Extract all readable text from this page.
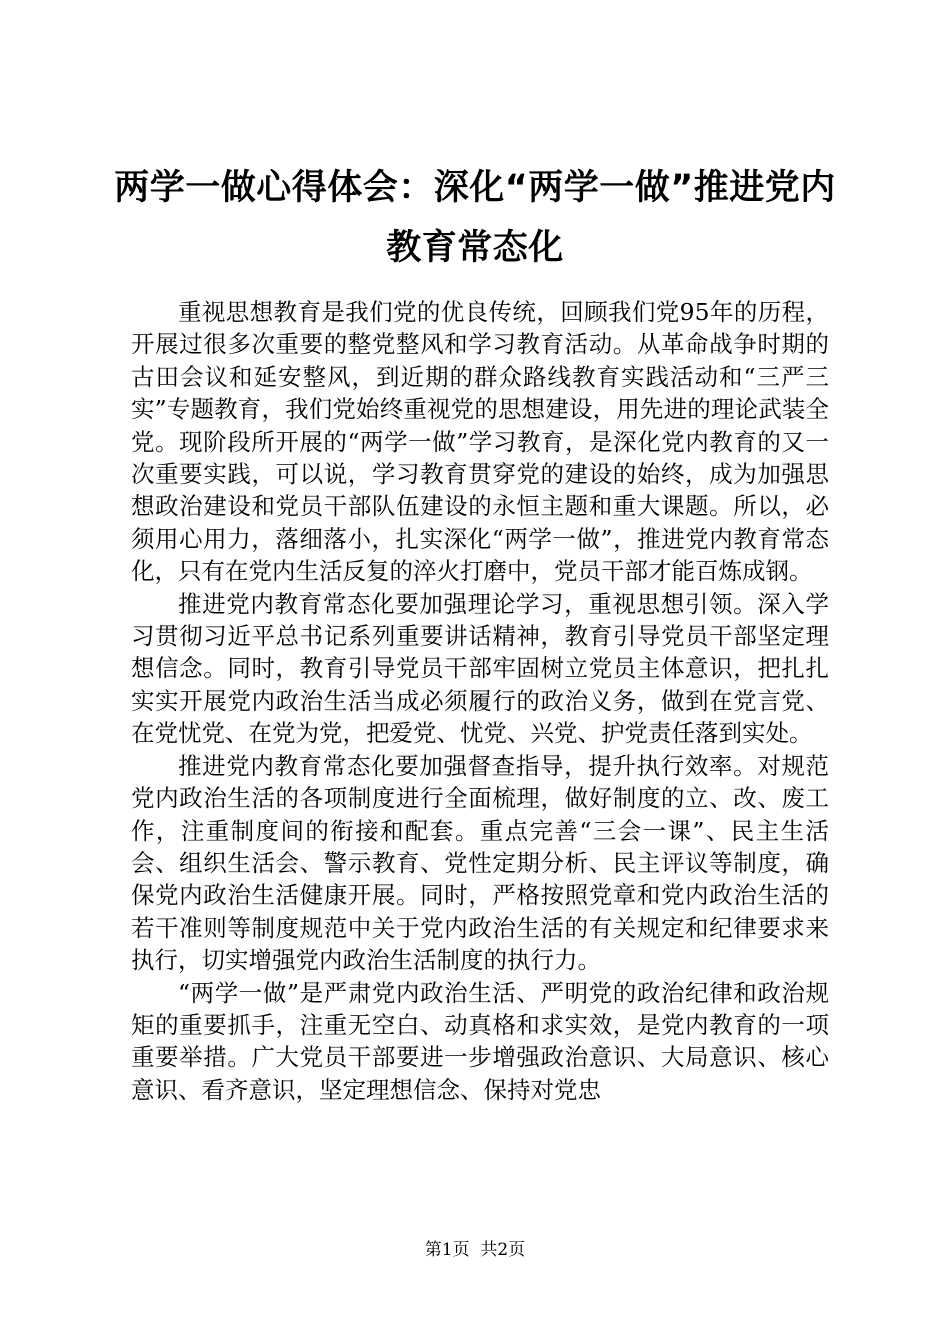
两学一做心得体会：深化“两学一做”推进党内教育常态化

重视思想教育是我们党的优良传统，回顾我们党95年的历程，开展过很多次重要的整党整风和学习教育活动。从革命战争时期的古田会议和延安整风，到近期的群众路线教育实践活动和“三严三实”专题教育，我们党始终重视党的思想建设，用先进的理论武装全党。现阶段所开展的“两学一做”学习教育，是深化党内教育的又一次重要实践，可以说，学习教育贯穿党的建设的始终，成为加强思想政治建设和党员干部队伍建设的永恒主题和重大课题。所以，必须用心用力，落细落小，扎实深化“两学一做”，推进党内教育常态化，只有在党内生活反复的淬火打磨中，党员干部才能百炼成钢。

推进党内教育常态化要加强理论学习，重视思想引领。深入学习贯彻习近平总书记系列重要讲话精神，教育引导党员干部坚定理想信念。同时，教育引导党员干部牢固树立党员主体意识，把扎扎实实开展党内政治生活当成必须履行的政治义务，做到在党言党、在党忧党、在党为党，把爱党、忧党、兴党、护党责任落到实处。

推进党内教育常态化要加强督查指导，提升执行效率。对规范党内政治生活的各项制度进行全面梳理，做好制度的立、改、废工作，注重制度间的衔接和配套。重点完善“三会一课”、民主生活会、组织生活会、警示教育、党性定期分析、民主评议等制度，确保党内政治生活健康开展。同时，严格按照党章和党内政治生活的若干准则等制度规范中关于党内政治生活的有关规定和纪律要求来执行，切实增强党内政治生活制度的执行力。

“两学一做”是严肃党内政治生活、严明党的政治纪律和政治规矩的重要抓手，注重无空白、动真格和求实效，是党内教育的一项重要举措。广大党员干部要进一步增强政治意识、大局意识、核心意识、看齐意识，坚定理想信念、保持对党忠

第1页 共2页
